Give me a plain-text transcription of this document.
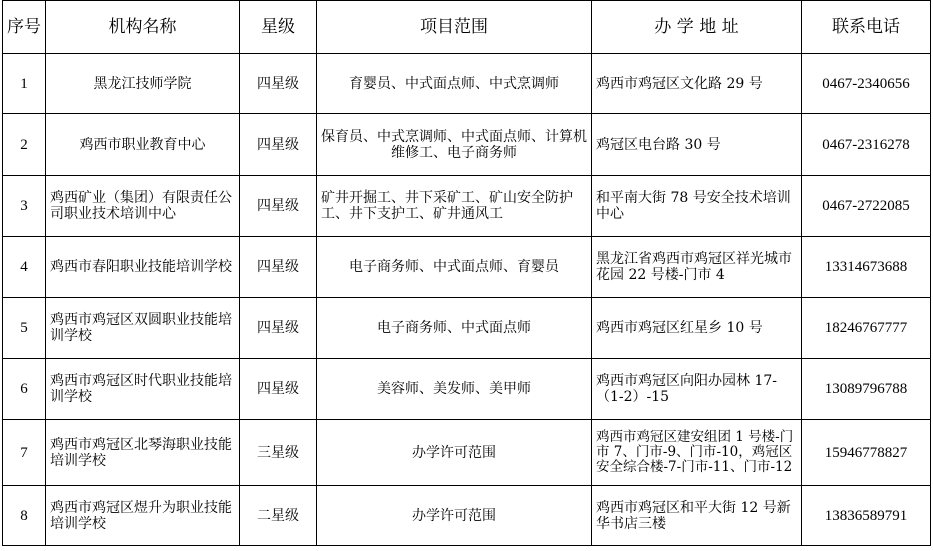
序号	机构名称	星级	项目范围	办 学 地 址	联系电话
1	黑龙江技师学院	四星级	育婴员、中式面点师、中式烹调师	鸡西市鸡冠区文化路 29 号	0467-2340656
2	鸡西市职业教育中心	四星级	保育员、中式烹调师、中式面点师、计算机维修工、电子商务师	鸡冠区电台路 30 号	0467-2316278
3	鸡西矿业（集团）有限责任公司职业技术培训中心	四星级	矿井开掘工、井下采矿工、矿山安全防护工、井下支护工、矿井通风工	和平南大街 78 号安全技术培训中心	0467-2722085
4	鸡西市春阳职业技能培训学校	四星级	电子商务师、中式面点师、育婴员	黑龙江省鸡西市鸡冠区祥光城市花园 22 号楼-门市 4	13314673688
5	鸡西市鸡冠区双圆职业技能培训学校	四星级	电子商务师、中式面点师	鸡西市鸡冠区红星乡 10 号	18246767777
6	鸡西市鸡冠区时代职业技能培训学校	四星级	美容师、美发师、美甲师	鸡西市鸡冠区向阳办园林 17-（1-2）-15	13089796788
7	鸡西市鸡冠区北琴海职业技能培训学校	三星级	办学许可范围	鸡西市鸡冠区建安组团 1 号楼-门市 7、门市-9、门市-10，鸡冠区安全综合楼-7-门市-11、门市-12	15946778827
8	鸡西市鸡冠区煜升为职业技能培训学校	二星级	办学许可范围	鸡西市鸡冠区和平大街 12 号新华书店三楼	13836589791
